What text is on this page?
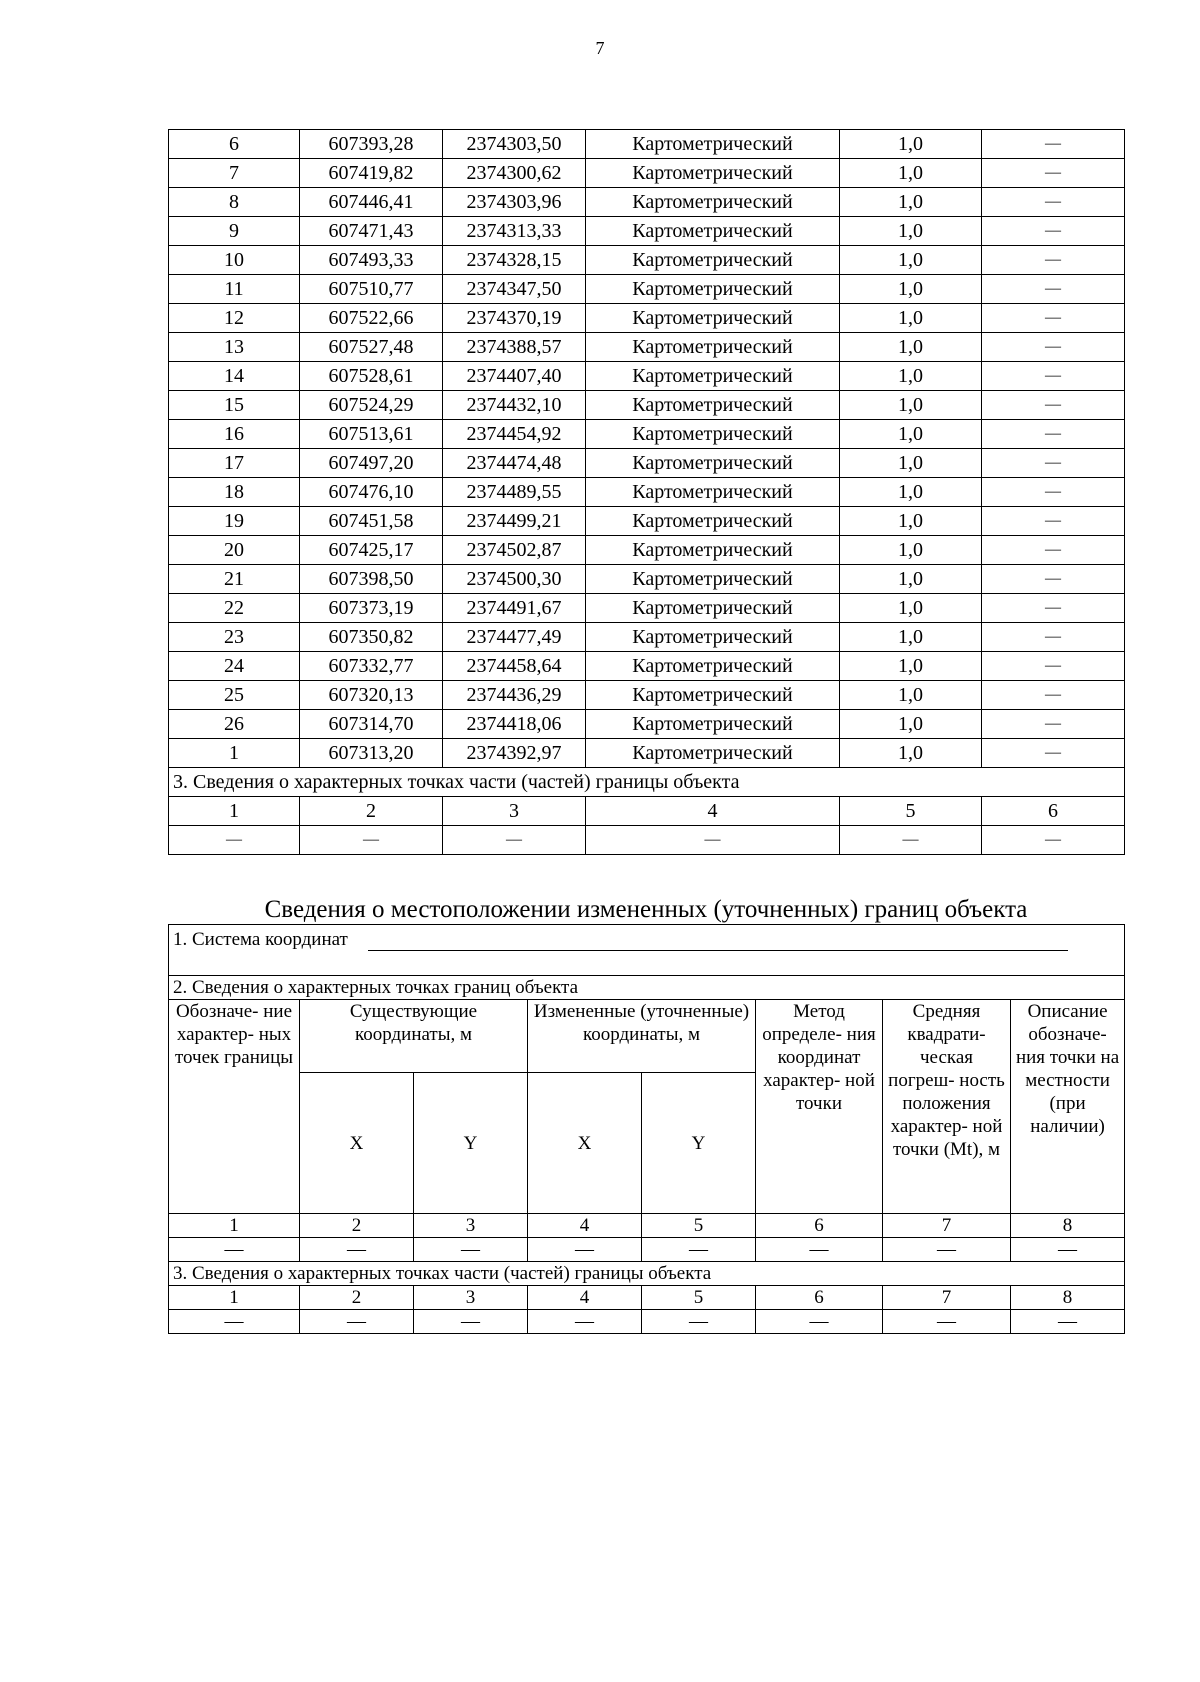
7
6	607393,28	2374303,50	Картометрический	1,0	—
7	607419,82	2374300,62	Картометрический	1,0	—
8	607446,41	2374303,96	Картометрический	1,0	—
9	607471,43	2374313,33	Картометрический	1,0	—
10	607493,33	2374328,15	Картометрический	1,0	—
11	607510,77	2374347,50	Картометрический	1,0	—
12	607522,66	2374370,19	Картометрический	1,0	—
13	607527,48	2374388,57	Картометрический	1,0	—
14	607528,61	2374407,40	Картометрический	1,0	—
15	607524,29	2374432,10	Картометрический	1,0	—
16	607513,61	2374454,92	Картометрический	1,0	—
17	607497,20	2374474,48	Картометрический	1,0	—
18	607476,10	2374489,55	Картометрический	1,0	—
19	607451,58	2374499,21	Картометрический	1,0	—
20	607425,17	2374502,87	Картометрический	1,0	—
21	607398,50	2374500,30	Картометрический	1,0	—
22	607373,19	2374491,67	Картометрический	1,0	—
23	607350,82	2374477,49	Картометрический	1,0	—
24	607332,77	2374458,64	Картометрический	1,0	—
25	607320,13	2374436,29	Картометрический	1,0	—
26	607314,70	2374418,06	Картометрический	1,0	—
1	607313,20	2374392,97	Картометрический	1,0	—
3. Сведения о характерных точках части (частей) границы объекта					
1	2	3	4	5	6
—	—	—	—	—	—
Сведения о местоположении измененных (уточненных) границ объекта
1. Система координат							

2. Сведения о характерных точках границ объекта							
Обозначе- ние характер- ных точек границы	Существующие координаты, м		Измененные (уточненные) координаты, м		Метод определе- ния координат характер- ной точки	Средняя квадрати- ческая погреш- ность положения характер- ной точки (Mt), м	Описание обозначе- ния точки на местности (при наличии)
	X	Y	X	Y			
1	2	3	4	5	6	7	8
—	—	—	—	—	—	—	—
3. Сведения о характерных точках части (частей) границы объекта							
1	2	3	4	5	6	7	8
—	—	—	—	—	—	—	—
